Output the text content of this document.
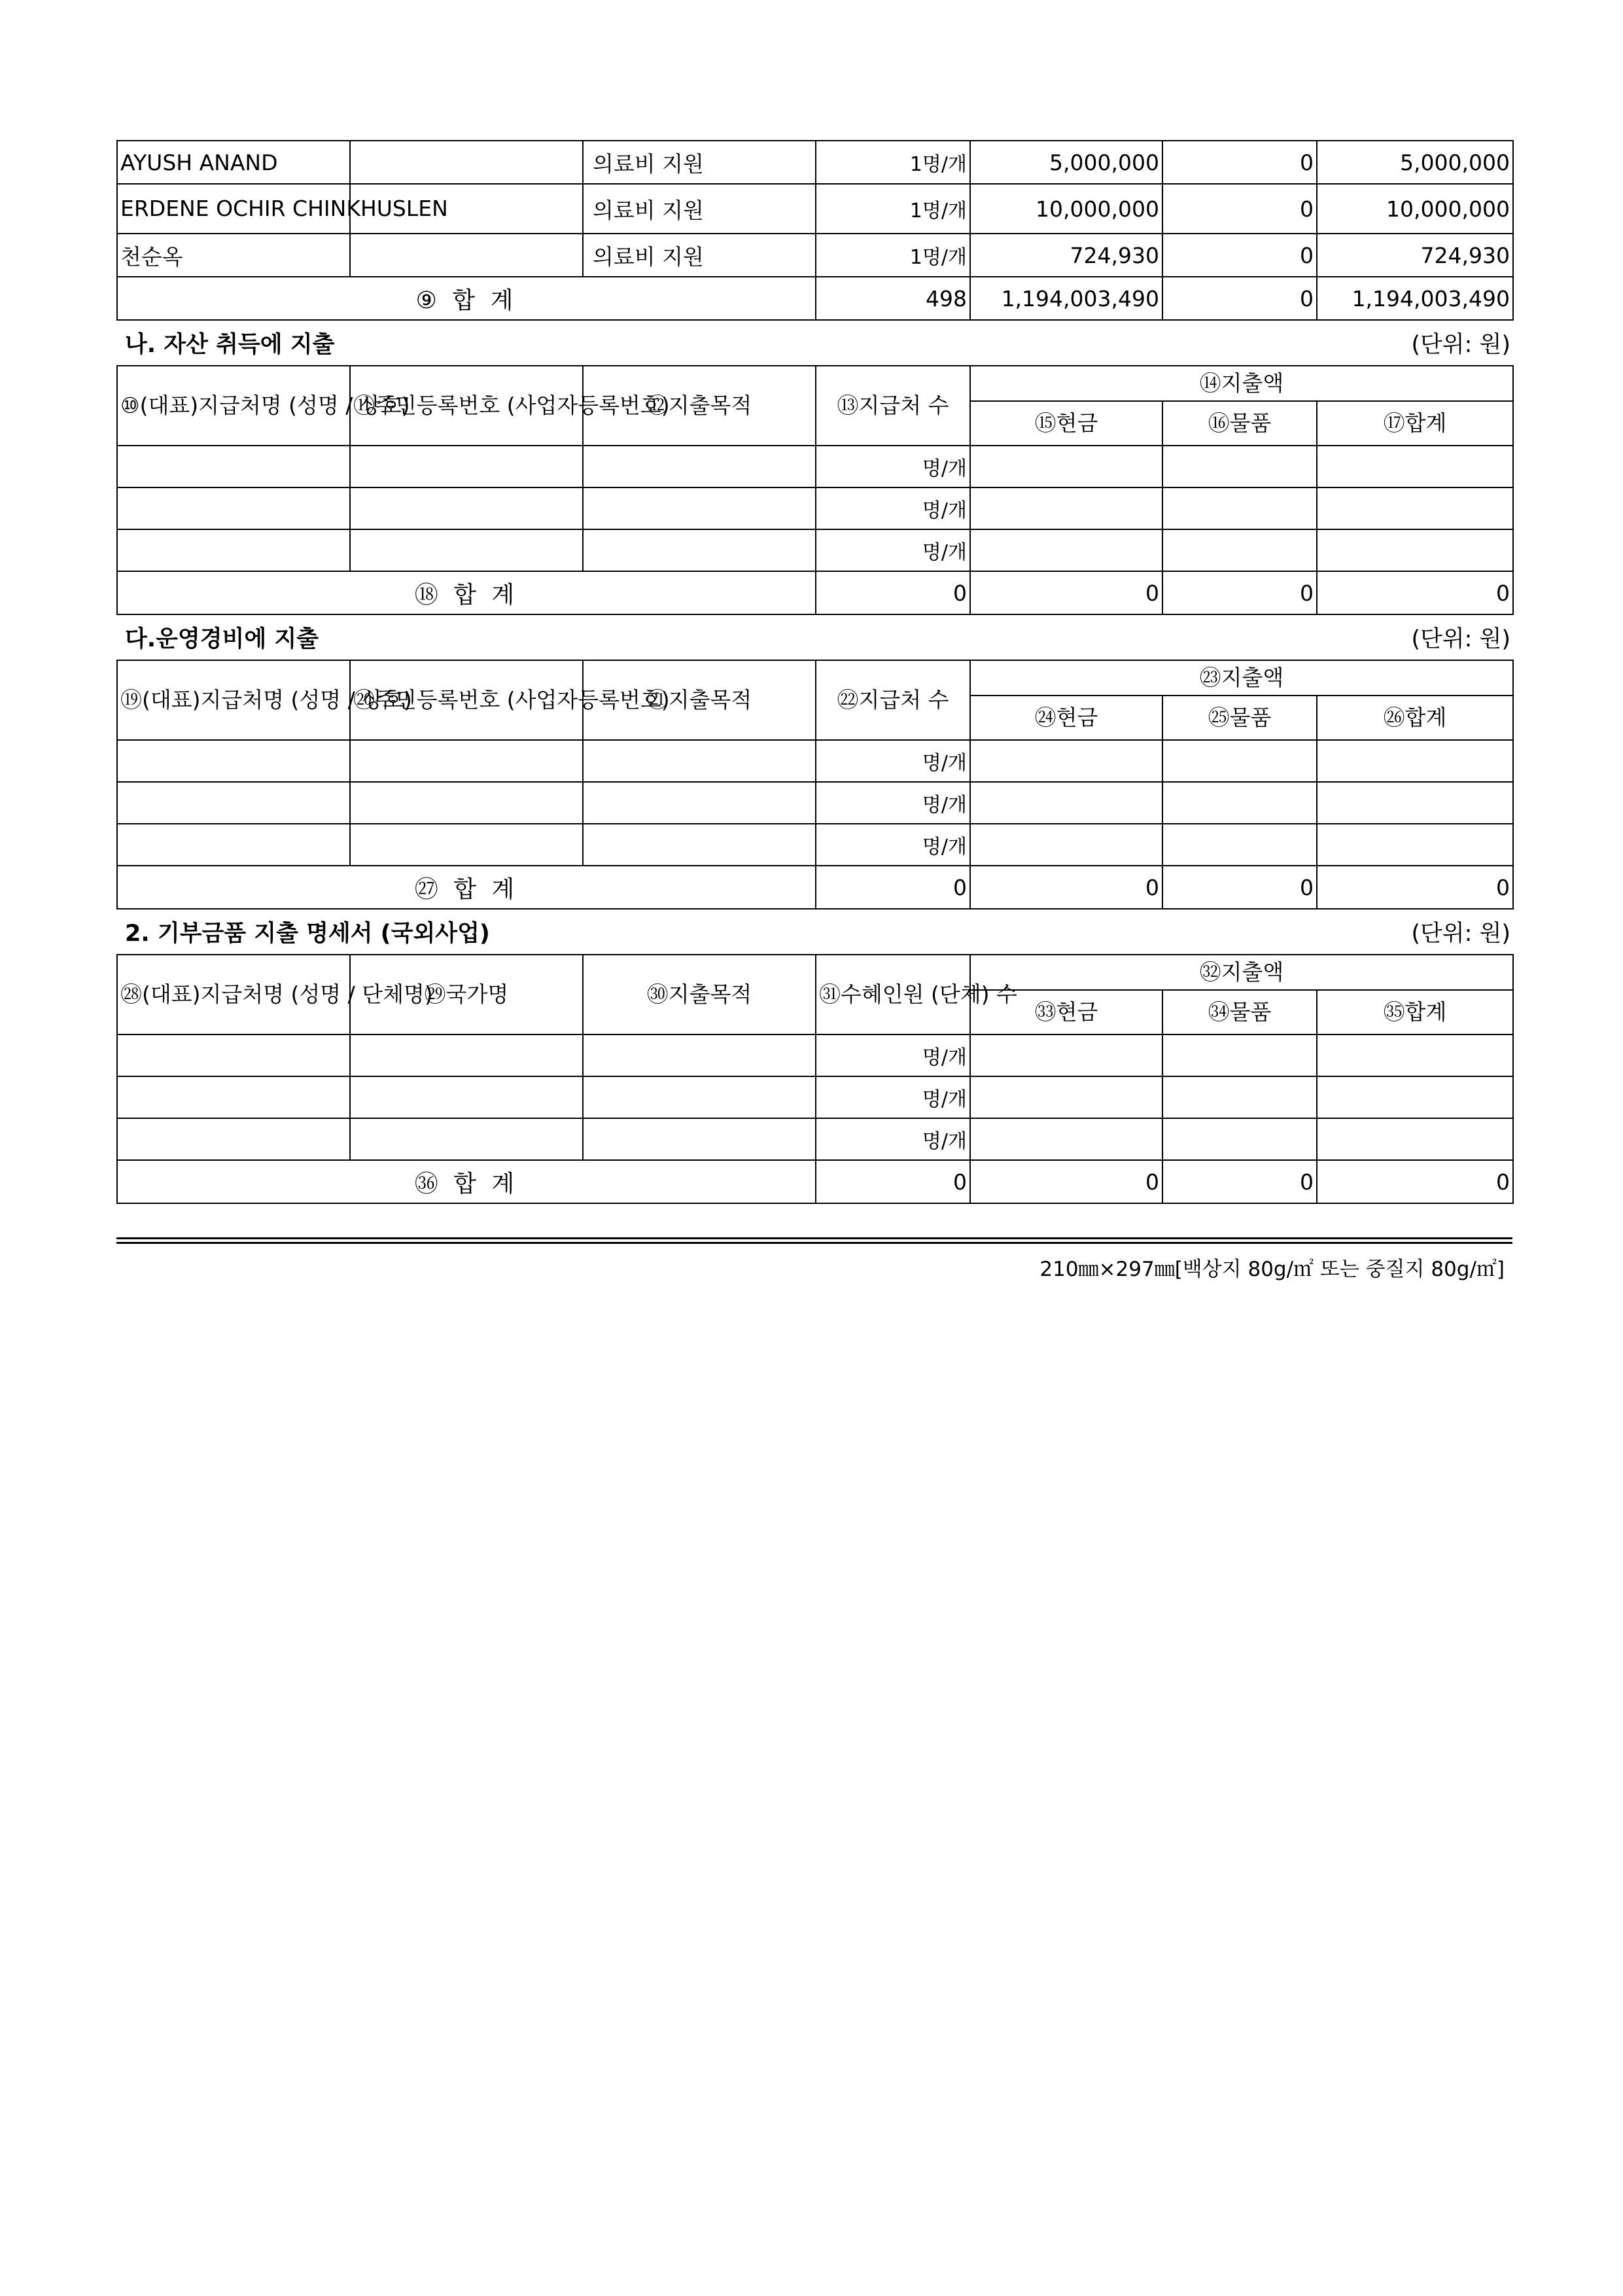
AYUSH ANAND		의료비 지원	1명/개	5,000,000	0	5,000,000
ERDENE OCHIR CHINKHUSLEN		의료비 지원	1명/개	10,000,000	0	10,000,000
천순옥		의료비 지원	1명/개	724,930	0	724,930
⑨ 합 계			498	1,194,003,490	0	1,194,003,490
나. 자산 취득에 지출 (단위: 원)						

⑩(대표)지급처명 (성명 / 상호)	⑪주민등록번호 (사업자등록번호)	⑫지출목적	⑬지급처 수	⑭지출액		
				⑮현금	⑯물품	⑰합계
			명/개			
			명/개			
			명/개			
⑱ 합 계			0	0	0	0
다.운영경비에 지출 (단위: 원)						

⑲(대표)지급처명 (성명 / 상호)	⑳주민등록번호 (사업자등록번호)	㉑지출목적	㉒지급처 수	㉓지출액		
				㉔현금	㉕물품	㉖합계
			명/개			
			명/개			
			명/개			
㉗ 합 계			0	0	0	0
2. 기부금품 지출 명세서 (국외사업) (단위: 원)						

㉘(대표)지급처명 (성명 / 단체명)	㉙국가명	㉚지출목적	㉛수혜인원 (단체) 수	㉜지출액		
				㉝현금	㉞물품	㉟합계
			명/개			
			명/개			
			명/개			
㊱ 합 계			0	0	0	0
210㎜×297㎜[백상지 80g/㎡ 또는 중질지 80g/㎡]
